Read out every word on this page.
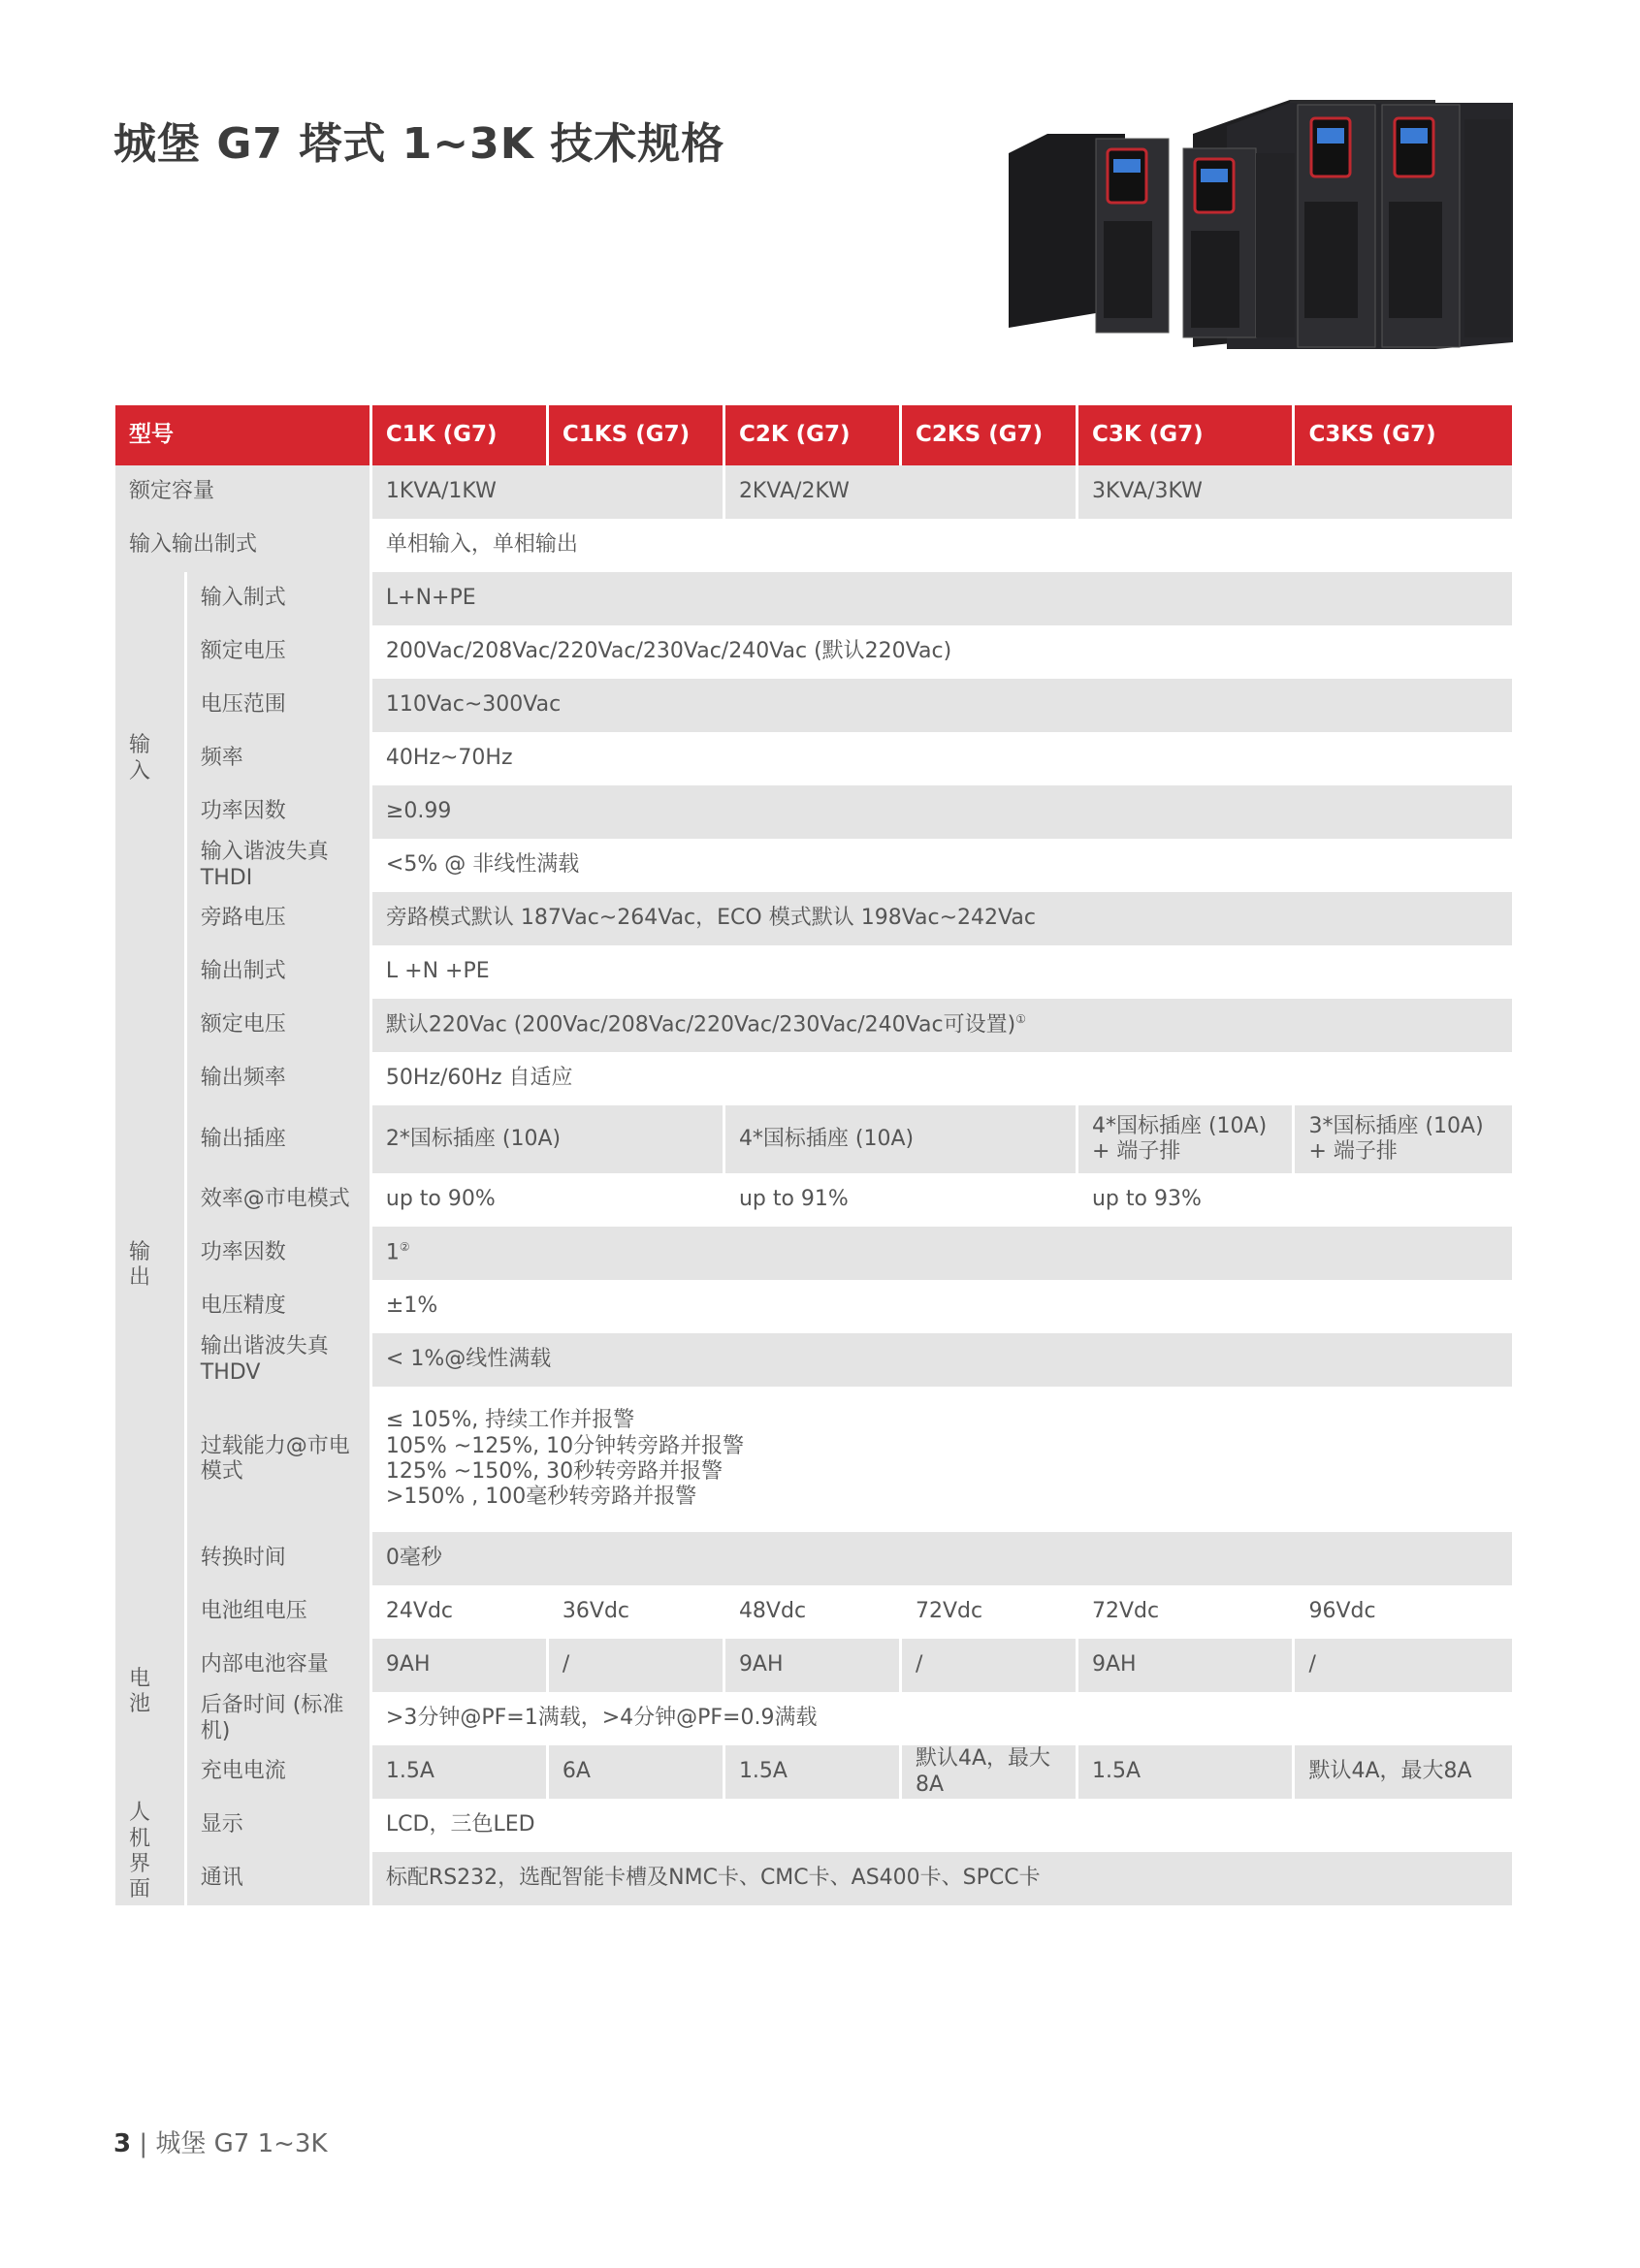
城堡 G7 塔式 1~3K 技术规格
型号		C1K (G7)	C1KS (G7)	C2K (G7)	C2KS (G7)	C3K (G7)	C3KS (G7)
额定容量		1KVA/1KW		2KVA/2KW		3KVA/3KW	
输入输出制式		单相输入，单相输出					
输入	输入制式	L+N+PE					
	额定电压	200Vac/208Vac/220Vac/230Vac/240Vac (默认220Vac)					
	电压范围	110Vac~300Vac					
	频率	40Hz~70Hz					
	功率因数	≥0.99					
	输入谐波失真 THDI	<5% @ 非线性满载					
	旁路电压	旁路模式默认 187Vac~264Vac，ECO 模式默认 198Vac~242Vac					
输出	输出制式	L +N +PE					
	额定电压	默认220Vac (200Vac/208Vac/220Vac/230Vac/240Vac可设置)①
	输出频率	50Hz/60Hz 自适应					
	输出插座	2*国标插座 (10A)		4*国标插座 (10A)		4*国标插座 (10A) + 端子排	3*国标插座 (10A) + 端子排
	效率@市电模式	up to 90%		up to 91%		up to 93%	
	功率因数	1②
	电压精度	±1%					
	输出谐波失真 THDV	< 1%@线性满载					
	过载能力@市电模式	≤ 105%, 持续工作并报警
105% ~125%, 10分钟转旁路并报警
125% ~150%, 30秒转旁路并报警
>150% , 100毫秒转旁路并报警					

	转换时间	0毫秒					
电池	电池组电压	24Vdc	36Vdc	48Vdc	72Vdc	72Vdc	96Vdc
	内部电池容量	9AH	/	9AH	/	9AH	/
	后备时间 (标准机)	>3分钟@PF=1满载，>4分钟@PF=0.9满载					
	充电电流	1.5A	6A	1.5A	默认4A，最大8A	1.5A	默认4A，最大8A
人机界面	显示	LCD，三色LED					
	通讯	标配RS232，选配智能卡槽及NMC卡、CMC卡、AS400卡、SPCC卡					
3 | 城堡 G7 1~3K
